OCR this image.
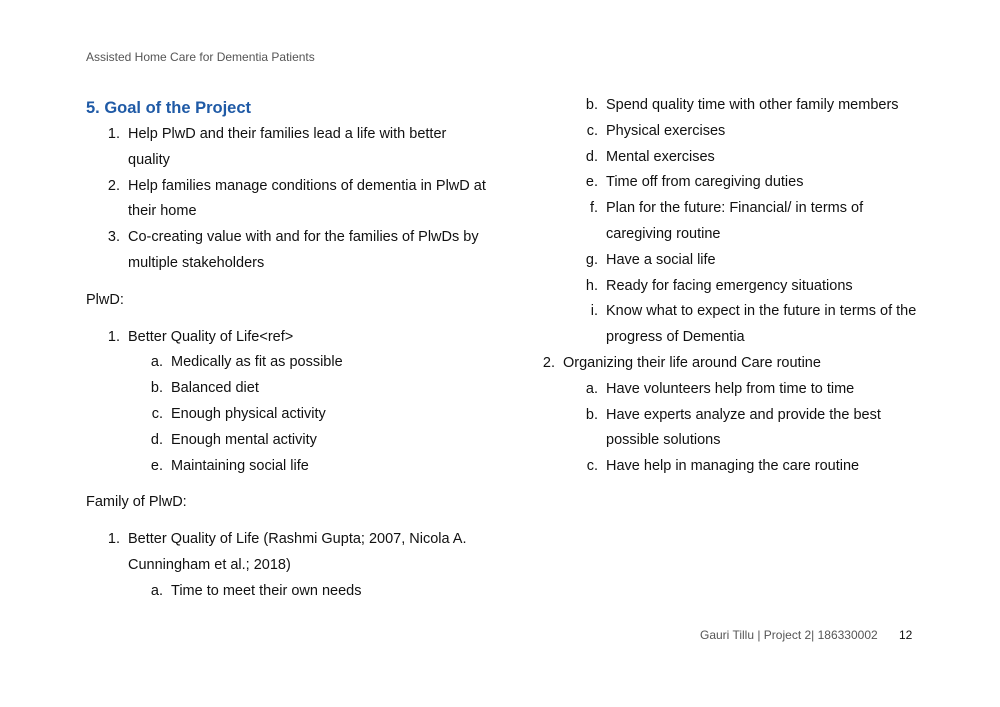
Assisted Home Care for Dementia Patients
5. Goal of the Project
1. Help PlwD and their families lead a life with better quality
2. Help families manage conditions of dementia in PlwD at their home
3. Co-creating value with and for the families of PlwDs by multiple stakeholders
PlwD:
1. Better Quality of Life<ref>
a. Medically as fit as possible
b. Balanced diet
c. Enough physical activity
d. Enough mental activity
e. Maintaining social life
Family of PlwD:
1. Better Quality of Life (Rashmi Gupta; 2007, Nicola A. Cunningham et al.; 2018)
a. Time to meet their own needs
b. Spend quality time with other family members
c. Physical exercises
d. Mental exercises
e. Time off from caregiving duties
f. Plan for the future: Financial/ in terms of caregiving routine
g. Have a social life
h. Ready for facing emergency situations
i. Know what to expect in the future in terms of the progress of Dementia
2. Organizing their life around Care routine
a. Have volunteers help from time to time
b. Have experts analyze and provide the best possible solutions
c. Have help in managing the care routine
Gauri Tillu | Project 2| 186330002 12
